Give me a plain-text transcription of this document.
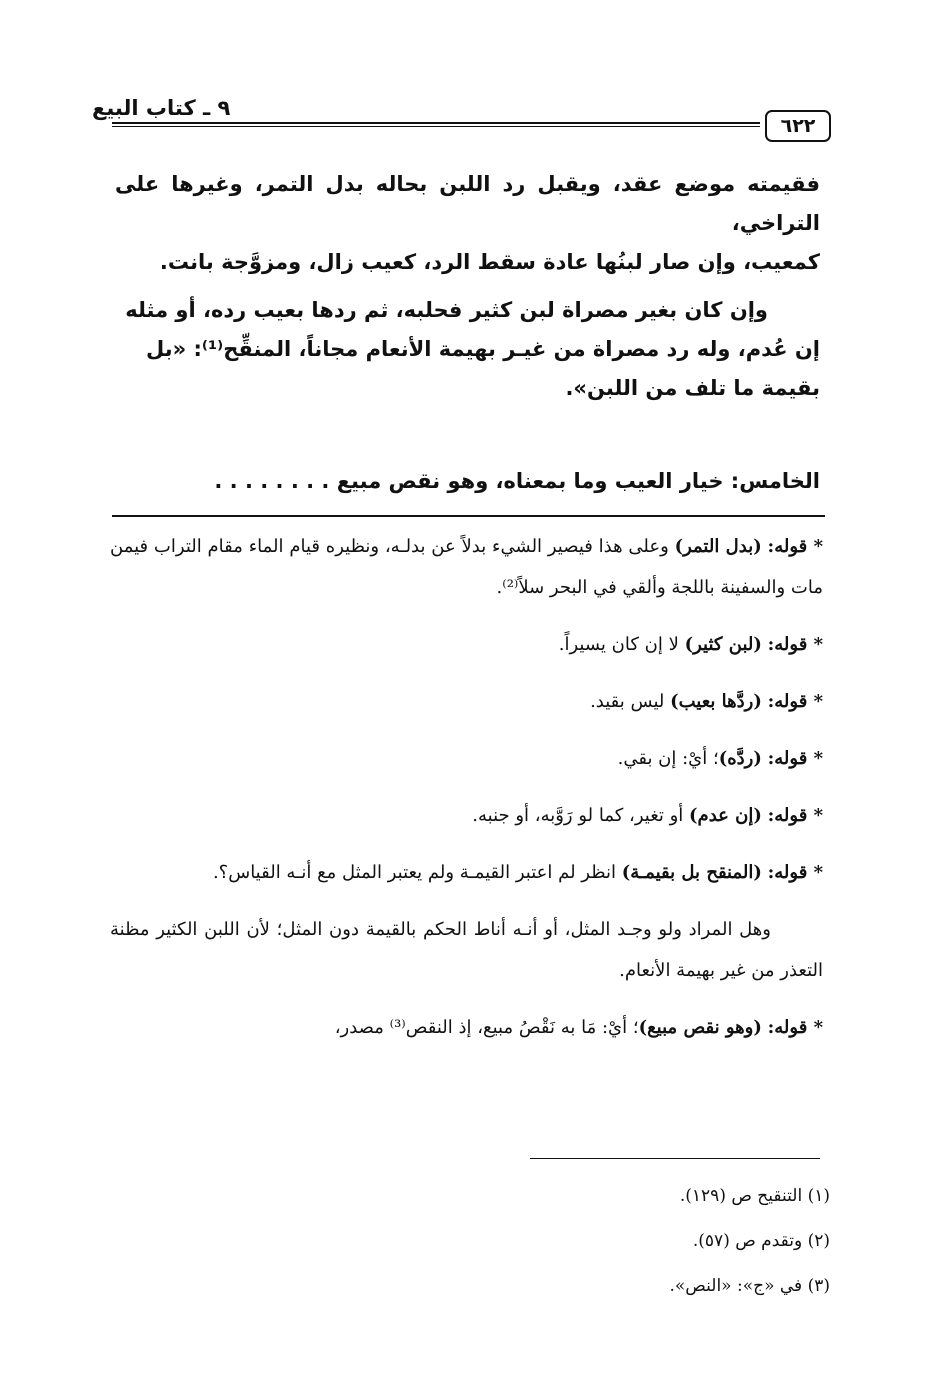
٩ ـ كتاب البيع
٦٢٢

فقيمته موضع عقد، ويقبل رد اللبن بحاله بدل التمر، وغيرها على التراخي،

كمعيب، وإن صار لبنُها عادة سقط الرد، كعيب زال، ومزوَّجة بانت.

وإن كان بغير مصراة لبن كثير فحلبه، ثم ردها بعيب رده، أو مثله

إن عُدم، وله رد مصراة من غيـر بهيمة الأنعام مجاناً، المنقِّح⁽¹⁾: «بل

بقيمة ما تلف من اللبن».

الخامس: خيار العيب وما بمعناه، وهو نقص مبيع . . . . . . . .

* قوله: (بدل التمر) وعلى هذا فيصير الشيء بدلاً عن بدلـه، ونظيره قيام الماء مقام التراب فيمن مات والسفينة باللجة وألقي في البحر سلاً⁽²⁾.

* قوله: (لبن كثير) لا إن كان يسيراً.

* قوله: (ردَّها بعيب) ليس بقيد.

* قوله: (ردَّه)؛ أيْ: إن بقي.

* قوله: (إن عدم) أو تغير، كما لو رَوَّبه، أو جنبه.

* قوله: (المنقح بل بقيمـة) انظر لم اعتبر القيمـة ولم يعتبر المثل مع أنـه القياس؟.

وهل المراد ولو وجـد المثل، أو أنـه أناط الحكم بالقيمة دون المثل؛ لأن اللبن الكثير مظنة التعذر من غير بهيمة الأنعام.

* قوله: (وهو نقص مبيع)؛ أيْ: مَا به نَقْصُ مبيع، إذ النقص⁽³⁾ مصدر،

(١) التنقيح ص (١٢٩).

(٢) وتقدم ص (٥٧).

(٣) في «ج»: «النص».
